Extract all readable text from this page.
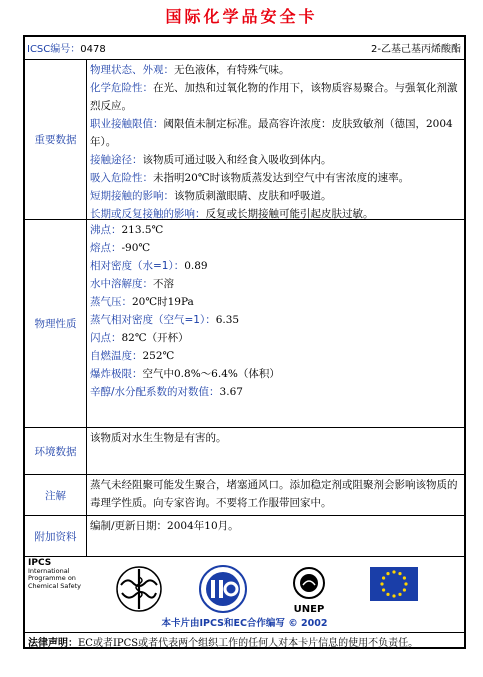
国际化学品安全卡
ICSC编号：0478	2-乙基己基丙烯酸酯
重要数据
物理状态、外观：无色液体，有特殊气味。
化学危险性：在光、加热和过氧化物的作用下，该物质容易聚合。与强氧化剂激烈反应。
职业接触限值：阈限值未制定标准。最高容许浓度：皮肤致敏剂（德国，2004年）。
接触途径：该物质可通过吸入和经食入吸收到体内。
吸入危险性：未指明20℃时该物质蒸发达到空气中有害浓度的速率。
短期接触的影响：该物质刺激眼睛、皮肤和呼吸道。
长期或反复接触的影响：反复或长期接触可能引起皮肤过敏。
物理性质
沸点：213.5℃
熔点：-90℃
相对密度（水=1）：0.89
水中溶解度：不溶
蒸气压：20℃时19Pa
蒸气相对密度（空气=1）：6.35
闪点：82℃（开杯）
自燃温度：252℃
爆炸极限：空气中0.8%～6.4%（体积）
辛醇/水分配系数的对数值：3.67
环境数据
该物质对水生生物是有害的。
注解
蒸气未经阻聚可能发生聚合，堵塞通风口。添加稳定剂或阻聚剂会影响该物质的毒理学性质。向专家咨询。不要将工作服带回家中。
附加资料
编制/更新日期：2004年10月。
IPCS
International
Programme on
Chemical Safety
UNEP
本卡片由IPCS和EC合作编写 © 2002
法律声明：EC或者IPCS或者代表两个组织工作的任何人对本卡片信息的使用不负责任。
